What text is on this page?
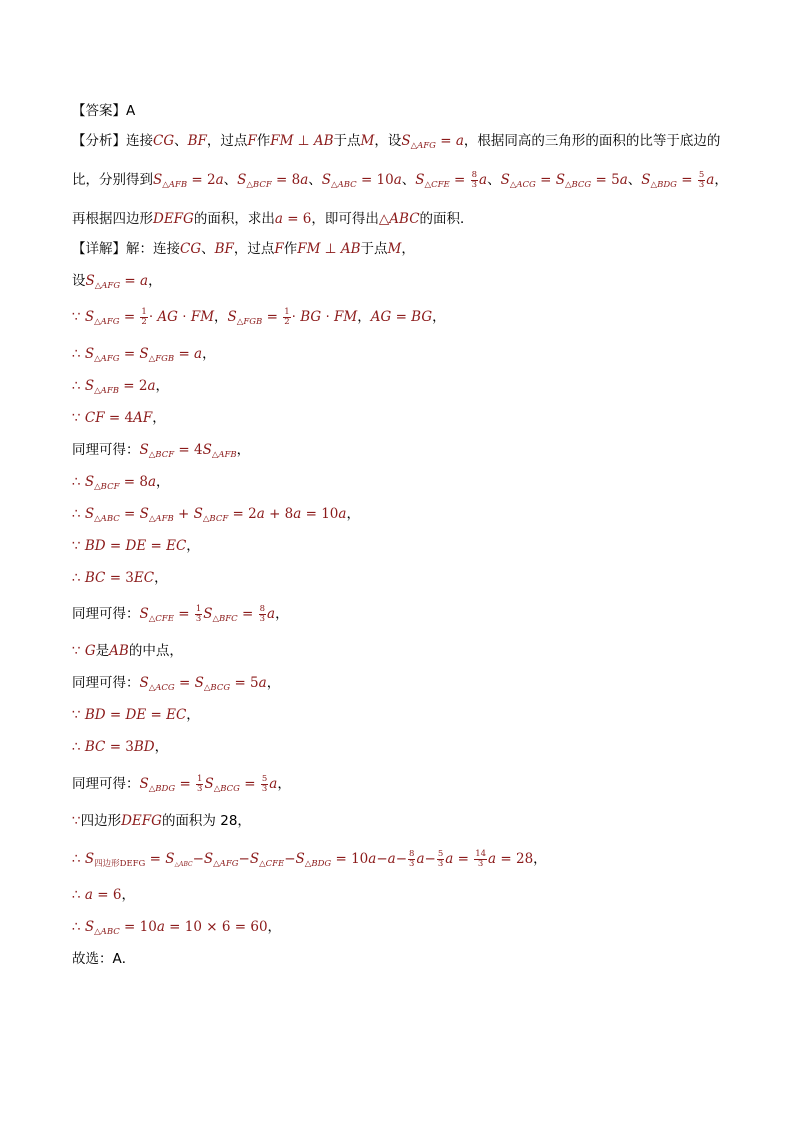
【答案】A
【分析】连接CG、BF，过点F作FM ⊥ AB于点M，设$S_{\triangle AFG} = a$，根据同高的三角形的面积的比等于底边的比，分别得到$S_{\triangle AFB} = 2a$、$S_{\triangle BCF} = 8a$、$S_{\triangle ABC} = 10a$、$S_{\triangle CFE} = \frac{8}{3}$ a、$S_{\triangle ACG} = S_{\triangle BCG} = 5a$、$S_{\triangle BDG} = \frac{5}{3}$ a，再根据四边形DEFG的面积，求出a = 6，即可得出△ABC的面积．
【详解】解：连接CG、BF，过点F作FM ⊥ AB于点M，
设$S_{\triangle AFG} = a$，
∵ $S_{\triangle AFG} = \frac{1}{2}$ · AG · FM，$S_{\triangle FGB} = \frac{1}{2}$ · BG · FM，AG = BG，
∴ $S_{\triangle AFG} = S_{\triangle FGB} = a$，
∴ $S_{\triangle AFB} = 2a$，
∵ CF = 4AF，
同理可得：$S_{\triangle BCF} = 4S_{\triangle AFB}$，
∴ $S_{\triangle BCF} = 8a$，
∴ $S_{\triangle ABC} = S_{\triangle AFB} + S_{\triangle BCF} = 2a + 8a = 10a$，
∵ BD = DE = EC，
∴ BC = 3EC，
同理可得：$S_{\triangle CFE} = \frac{1}{3} S_{\triangle BFC} = \frac{8}{3}$ a，
∵ G是AB的中点，
同理可得：$S_{\triangle ACG} = S_{\triangle BCG} = 5a$，
∵ BD = DE = EC，
∴ BC = 3BD，
同理可得：$S_{\triangle BDG} = \frac{1}{3} S_{\triangle BCG} = \frac{5}{3}$ a，
∵四边形DEFG的面积为 28，
∴ $S_{四边形DEFG} = S_{\triangle ABC}-S_{\triangle AFG}-S_{\triangle CFE}-S_{\triangle BDG} = 10a-a- \frac{8}{3} a- \frac{5}{3}$ $a = \frac{14}{3}$ a = 28，
∴ a = 6，
∴ $S_{\triangle ABC} = 10a = 10 \times 6 = 60$，
故选：A．
